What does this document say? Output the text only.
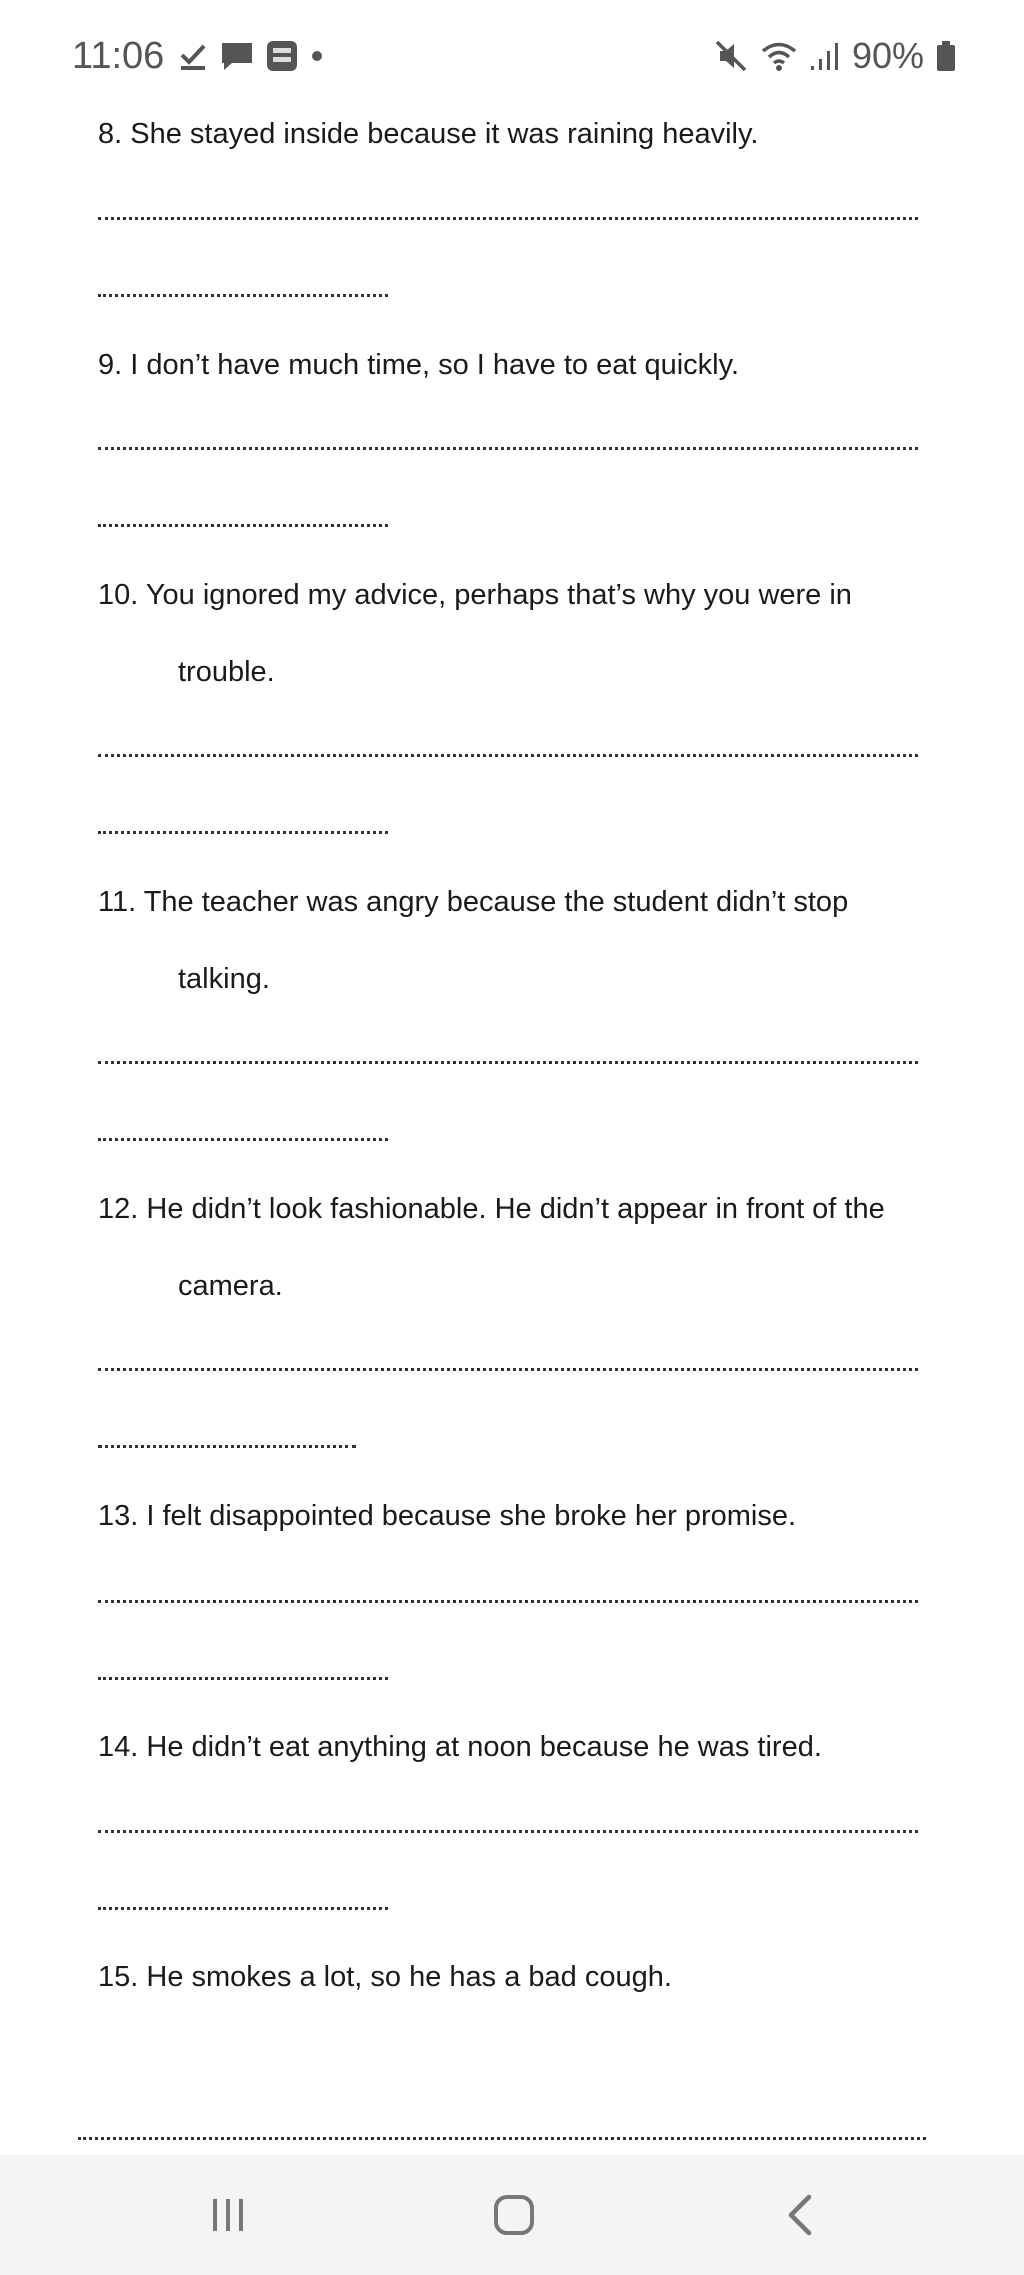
11:06	90%
8. She stayed inside because it was raining heavily.
9. I don’t have much time, so I have to eat quickly.
10. You ignored my advice, perhaps that’s why you were in
trouble.
11. The teacher was angry because the student didn’t stop
talking.
12. He didn’t look fashionable. He didn’t appear in front of the
camera.
13. I felt disappointed because she broke her promise.
14. He didn’t eat anything at noon because he was tired.
15. He smokes a lot, so he has a bad cough.
